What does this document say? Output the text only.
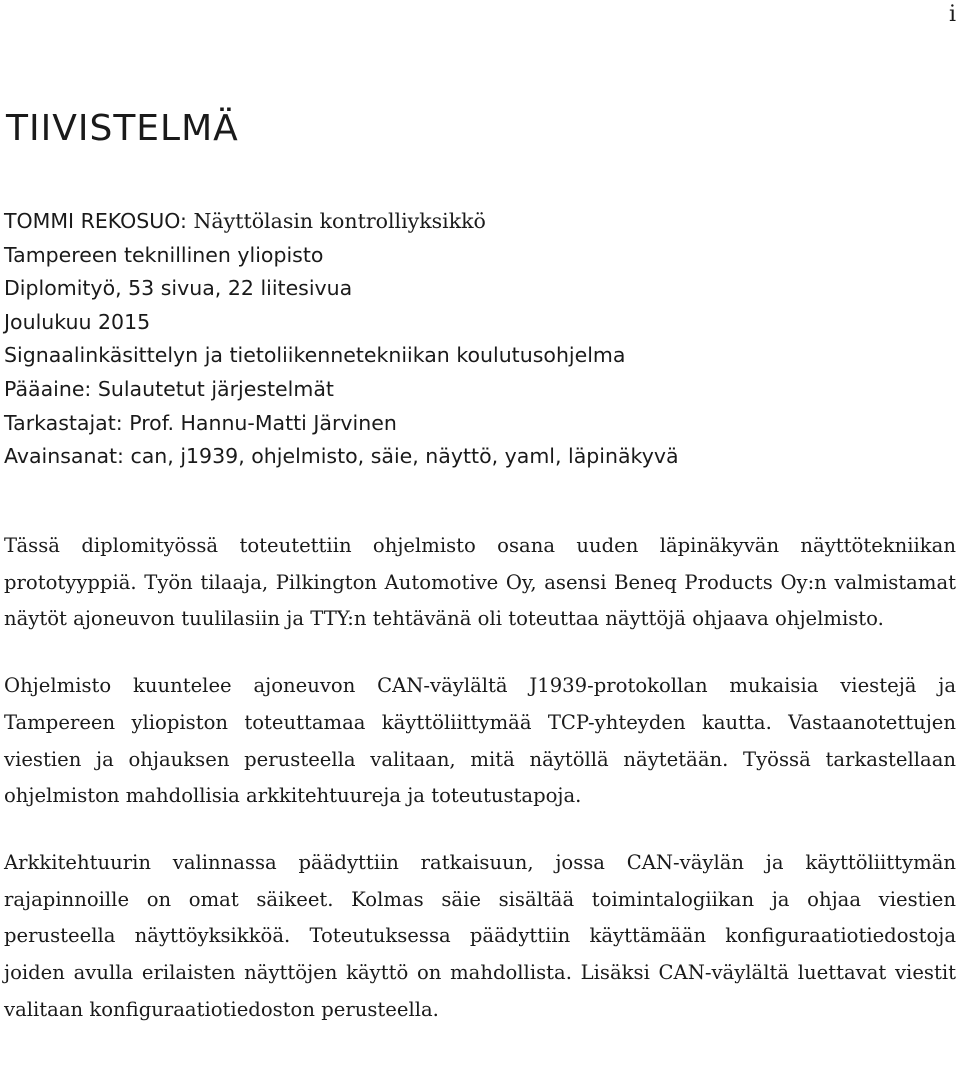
i
TIIVISTELMÄ
TOMMI REKOSUO: Näyttölasin kontrolliyksikkö
Tampereen teknillinen yliopisto
Diplomityö, 53 sivua, 22 liitesivua
Joulukuu 2015
Signaalinkäsittelyn ja tietoliikennetekniikan koulutusohjelma
Pääaine: Sulautetut järjestelmät
Tarkastajat: Prof. Hannu-Matti Järvinen
Avainsanat: can, j1939, ohjelmisto, säie, näyttö, yaml, läpinäkyvä

Tässä diplomityössä toteutettiin ohjelmisto osana uuden läpinäkyvän näyttötekniikan prototyyppiä. Työn tilaaja, Pilkington Automotive Oy, asensi Beneq Products Oy:n valmistamat näytöt ajoneuvon tuulilasiin ja TTY:n tehtävänä oli toteuttaa näyttöjä ohjaava ohjelmisto.

Ohjelmisto kuuntelee ajoneuvon CAN-väylältä J1939-protokollan mukaisia viestejä ja Tampereen yliopiston toteuttamaa käyttöliittymää TCP-yhteyden kautta. Vastaanotettujen viestien ja ohjauksen perusteella valitaan, mitä näytöllä näytetään. Työssä tarkastellaan ohjelmiston mahdollisia arkkitehtuureja ja toteutustapoja.

Arkkitehtuurin valinnassa päädyttiin ratkaisuun, jossa CAN-väylän ja käyttöliittymän rajapinnoille on omat säikeet. Kolmas säie sisältää toimintalogiikan ja ohjaa viestien perusteella näyttöyksikköä. Toteutuksessa päädyttiin käyttämään konfiguraatiotiedostoja joiden avulla erilaisten näyttöjen käyttö on mahdollista. Lisäksi CAN-väylältä luettavat viestit valitaan konfiguraatiotiedoston perusteella.
